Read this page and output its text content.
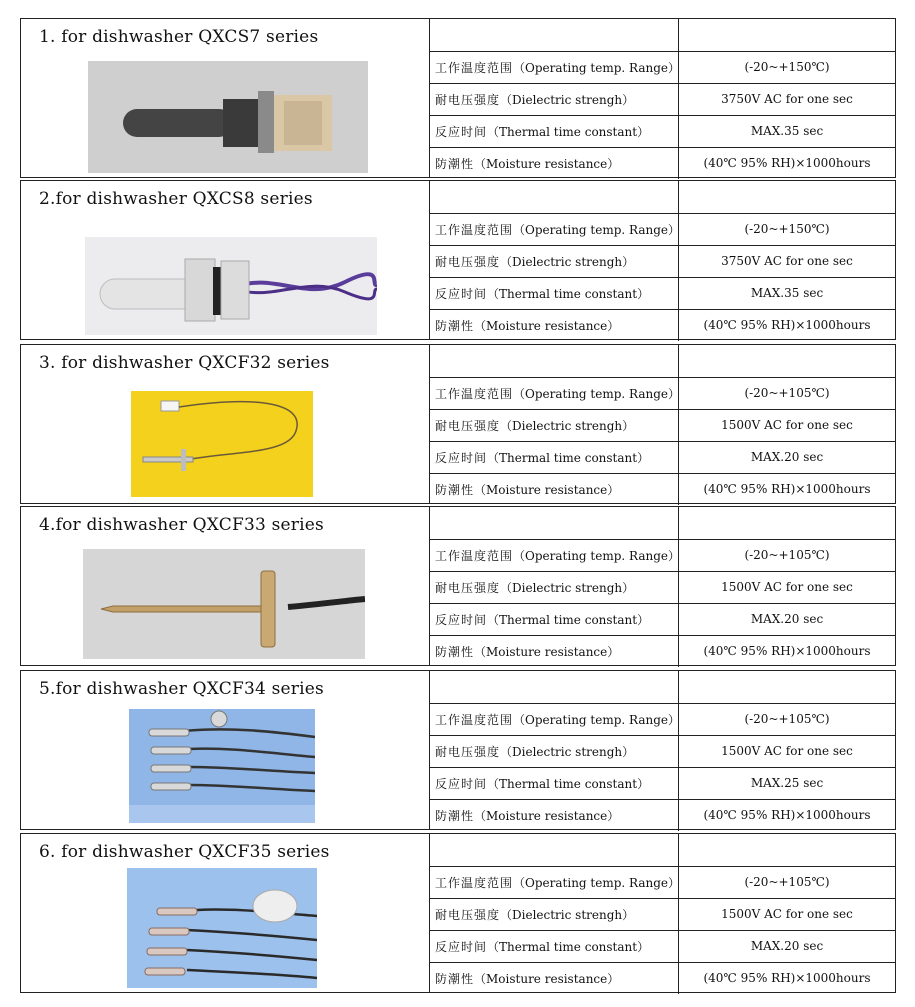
1. for dishwasher QXCS7 series
工作温度范围 （Operating temp. Range）	(-20~+150℃)
耐电压强度 （Dielectric strengh）	3750V AC for one sec
反应时间 （Thermal time constant）	MAX.35 sec
防潮性 （Moisture resistance）	(40℃ 95% RH)×1000hours
2.for dishwasher QXCS8 series
工作温度范围 （Operating temp. Range）	(-20~+150℃)
耐电压强度 （Dielectric strengh）	3750V AC for one sec
反应时间 （Thermal time constant）	MAX.35 sec
防潮性 （Moisture resistance）	(40℃ 95% RH)×1000hours
3. for dishwasher QXCF32 series
工作温度范围 （Operating temp. Range）	(-20~+105℃)
耐电压强度 （Dielectric strengh）	1500V AC for one sec
反应时间 （Thermal time constant）	MAX.20 sec
防潮性 （Moisture resistance）	(40℃ 95% RH)×1000hours
4.for dishwasher QXCF33 series
工作温度范围 （Operating temp. Range）	(-20~+105℃)
耐电压强度 （Dielectric strengh）	1500V AC for one sec
反应时间 （Thermal time constant）	MAX.20 sec
防潮性 （Moisture resistance）	(40℃ 95% RH)×1000hours
5.for dishwasher QXCF34 series
工作温度范围 （Operating temp. Range）	(-20~+105℃)
耐电压强度 （Dielectric strengh）	1500V AC for one sec
反应时间 （Thermal time constant）	MAX.25 sec
防潮性 （Moisture resistance）	(40℃ 95% RH)×1000hours
6. for dishwasher QXCF35 series
工作温度范围 （Operating temp. Range）	(-20~+105℃)
耐电压强度 （Dielectric strengh）	1500V AC for one sec
反应时间 （Thermal time constant）	MAX.20 sec
防潮性 （Moisture resistance）	(40℃ 95% RH)×1000hours
